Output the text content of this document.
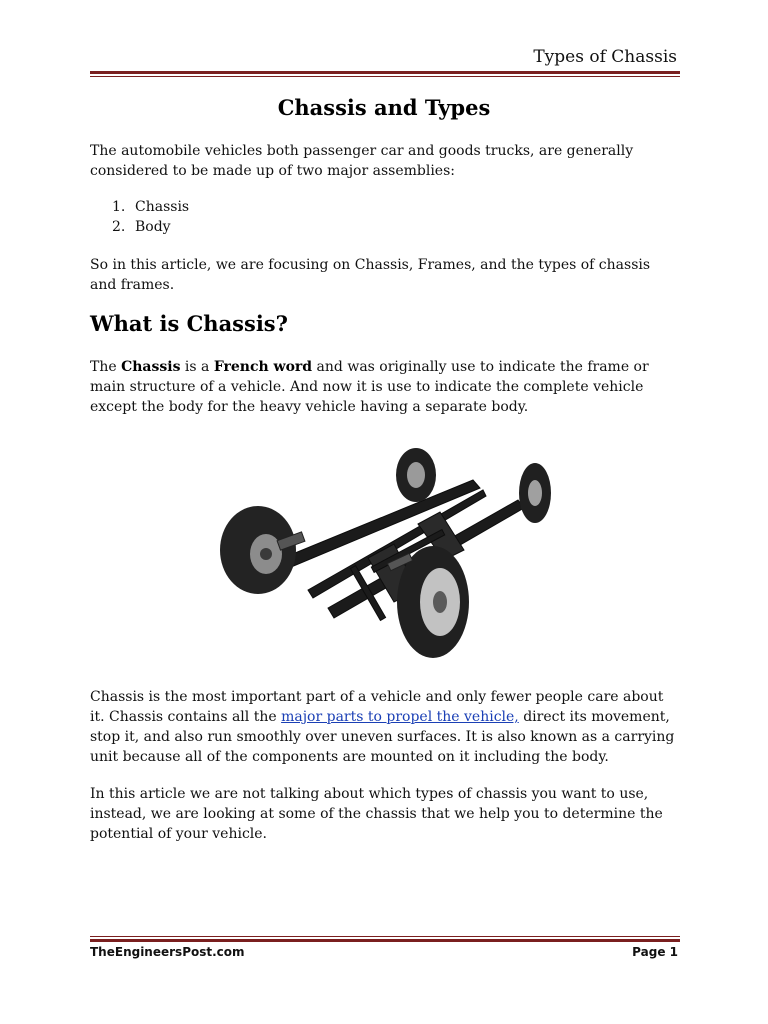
Types of Chassis
Chassis and Types

The automobile vehicles both passenger car and goods trucks, are generally considered to be made up of two major assemblies:

1. Chassis
2. Body

So in this article, we are focusing on Chassis, Frames, and the types of chassis and frames.

What is Chassis?

The Chassis is a French word and was originally use to indicate the frame or main structure of a vehicle. And now it is use to indicate the complete vehicle except the body for the heavy vehicle having a separate body.

Chassis is the most important part of a vehicle and only fewer people care about it. Chassis contains all the major parts to propel the vehicle, direct its movement, stop it, and also run smoothly over uneven surfaces. It is also known as a carrying unit because all of the components are mounted on it including the body.

In this article we are not talking about which types of chassis you want to use, instead, we are looking at some of the chassis that we help you to determine the potential of your vehicle.

TheEngineersPost.com	Page 1
